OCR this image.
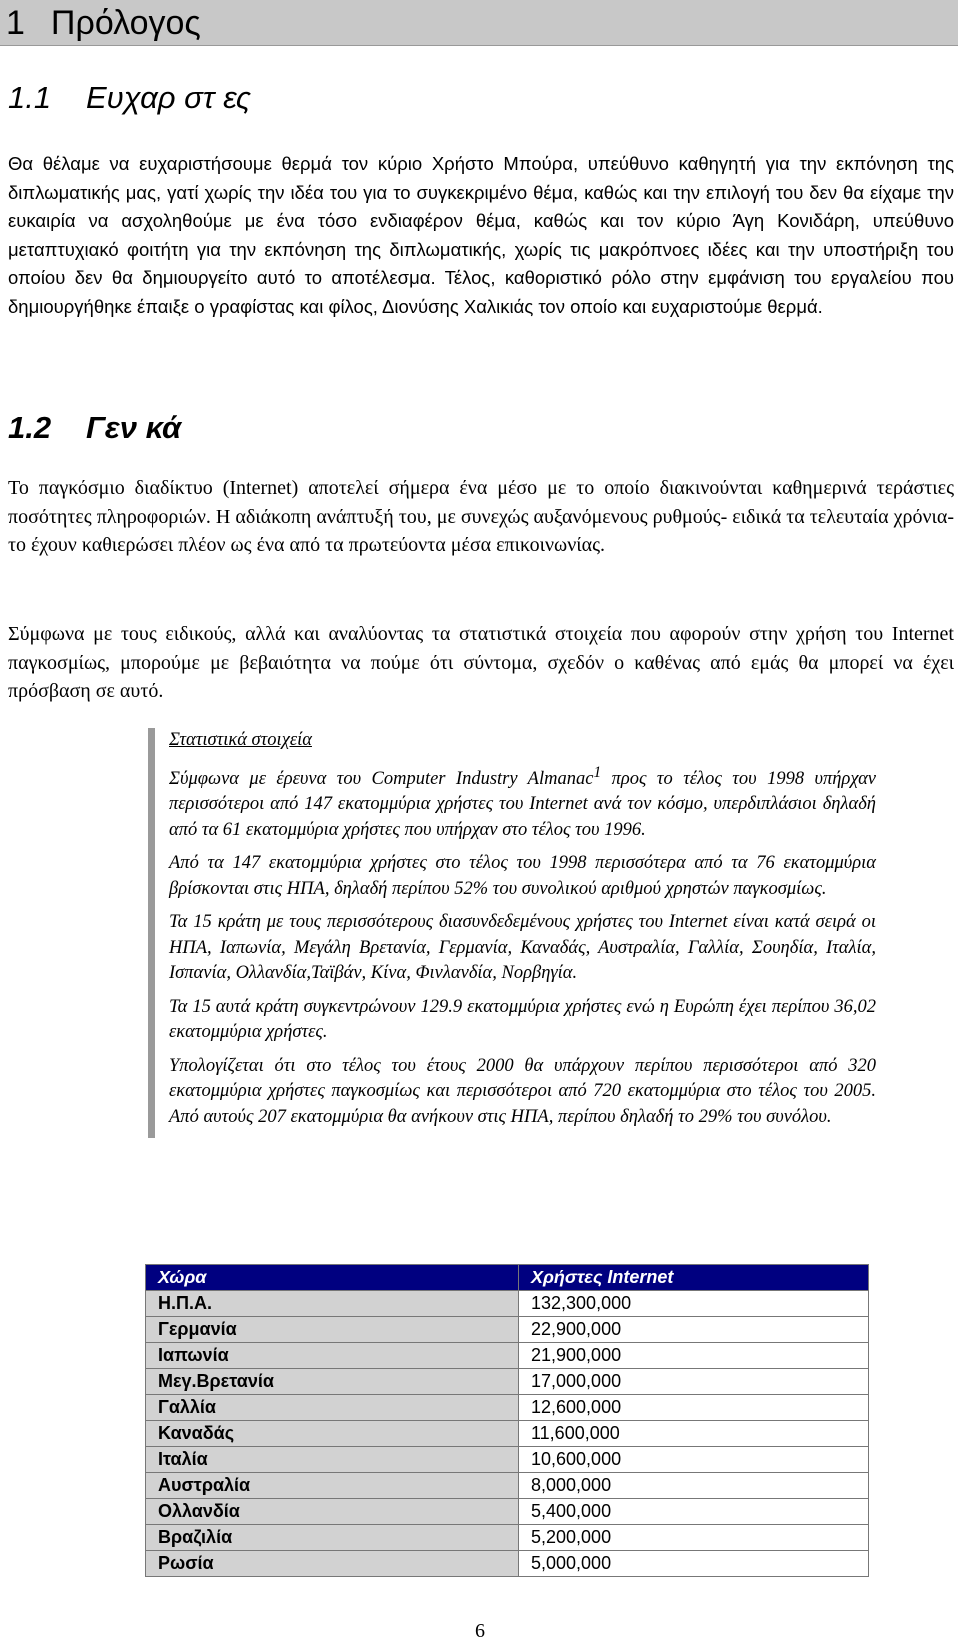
1 Πρόλογος
1.1 Ευχαρ στ ες

Θα θέλαμε να ευχαριστήσουμε θερμά τον κύριο Χρήστο Μπούρα, υπεύθυνο καθηγητή για την εκπόνηση της διπλωματικής μας, γατί χωρίς την ιδέα του για το συγκεκριμένο θέμα, καθώς και την επιλογή του δεν θα είχαμε την ευκαιρία να ασχοληθούμε με ένα τόσο ενδιαφέρον θέμα, καθώς και τον κύριο Άγη Κονιδάρη, υπεύθυνο μεταπτυχιακό φοιτήτη για την εκπόνηση της διπλωματικής, χωρίς τις μακρόπνοες ιδέες και την υποστήριξη του οποίου δεν θα δημιουργείτο αυτό το αποτέλεσμα. Τέλος, καθοριστικό ρόλο στην εμφάνιση του εργαλείου που δημιουργήθηκε έπαιξε ο γραφίστας και φίλος, Διονύσης Χαλικιάς τον οποίο και ευχαριστούμε θερμά.

1.2 Γεν κά

Το παγκόσμιο διαδίκτυο (Internet) αποτελεί σήμερα ένα μέσο με το οποίο διακινούνται καθημερινά τεράστιες ποσότητες πληροφοριών. Η αδιάκοπη ανάπτυξή του, με συνεχώς αυξανόμενους ρυθμούς- ειδικά τα τελευταία χρόνια- το έχουν καθιερώσει πλέον ως ένα από τα πρωτεύοντα μέσα επικοινωνίας.

Σύμφωνα με τους ειδικούς, αλλά και αναλύοντας τα στατιστικά στοιχεία που αφορούν στην χρήση του Internet παγκοσμίως, μπορούμε με βεβαιότητα να πούμε ότι σύντομα, σχεδόν ο καθένας από εμάς θα μπορεί να έχει πρόσβαση σε αυτό.

Στατιστικά στοιχεία

Σύμφωνα με έρευνα του Computer Industry Almanac$^1$ προς το τέλος του 1998 υπήρχαν περισσότεροι από 147 εκατομμύρια χρήστες του Internet ανά τον κόσμο, υπερδιπλάσιοι δηλαδή από τα 61 εκατομμύρια χρήστες που υπήρχαν στο τέλος του 1996.

Από τα 147 εκατομμύρια χρήστες στο τέλος του 1998 περισσότερα από τα 76 εκατομμύρια βρίσκονται στις ΗΠΑ, δηλαδή περίπου 52% του συνολικού αριθμού χρηστών παγκοσμίως.

Τα 15 κράτη με τους περισσότερους διασυνδεδεμένους χρήστες του Internet είναι κατά σειρά οι ΗΠΑ, Ιαπωνία, Μεγάλη Βρετανία, Γερμανία, Καναδάς, Αυστραλία, Γαλλία, Σουηδία, Ιταλία, Ισπανία, Ολλανδία,Ταϊβάν, Κίνα, Φινλανδία, Νορβηγία.

Τα 15 αυτά κράτη συγκεντρώνουν 129.9 εκατομμύρια χρήστες ενώ η Ευρώπη έχει περίπου 36,02 εκατομμύρια χρήστες.

Υπολογίζεται ότι στο τέλος του έτους 2000 θα υπάρχουν περίπου περισσότεροι από 320 εκατομμύρια χρήστες παγκοσμίως και περισσότεροι από 720 εκατομμύρια στο τέλος του 2005. Από αυτούς 207 εκατομμύρια θα ανήκουν στις ΗΠΑ, περίπου δηλαδή το 29% του συνόλου.

Χώρα	Χρήστες Internet
Η.Π.Α.	132,300,000
Γερμανία	22,900,000
Ιαπωνία	21,900,000
Μεγ.Βρετανία	17,000,000
Γαλλία	12,600,000
Καναδάς	11,600,000
Ιταλία	10,600,000
Αυστραλία	8,000,000
Ολλανδία	5,400,000
Βραζιλία	5,200,000
Ρωσία	5,000,000
6
